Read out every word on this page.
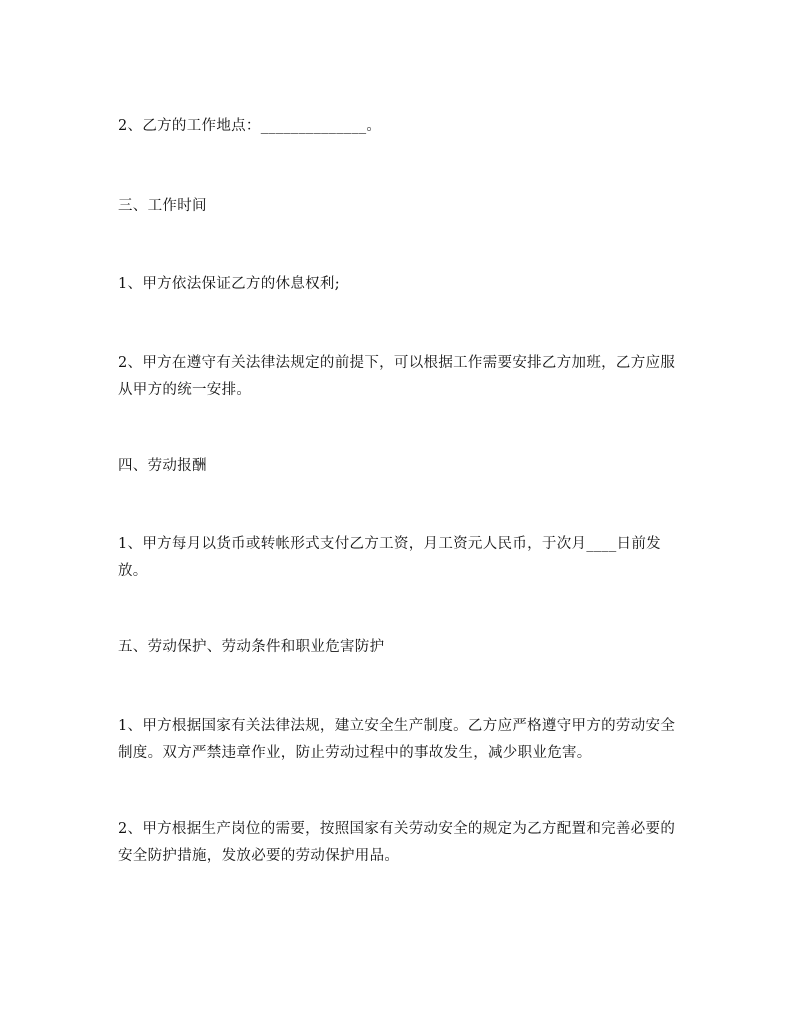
2、乙方的工作地点：______________。

三、工作时间

1、甲方依法保证乙方的休息权利;

2、甲方在遵守有关法律法规定的前提下，可以根据工作需要安排乙方加班，乙方应服从甲方的统一安排。

四、劳动报酬

1、甲方每月以货币或转帐形式支付乙方工资，月工资元人民币，于次月____日前发放。

五、劳动保护、劳动条件和职业危害防护

1、甲方根据国家有关法律法规，建立安全生产制度。乙方应严格遵守甲方的劳动安全制度。双方严禁违章作业，防止劳动过程中的事故发生，减少职业危害。

2、甲方根据生产岗位的需要，按照国家有关劳动安全的规定为乙方配置和完善必要的安全防护措施，发放必要的劳动保护用品。
